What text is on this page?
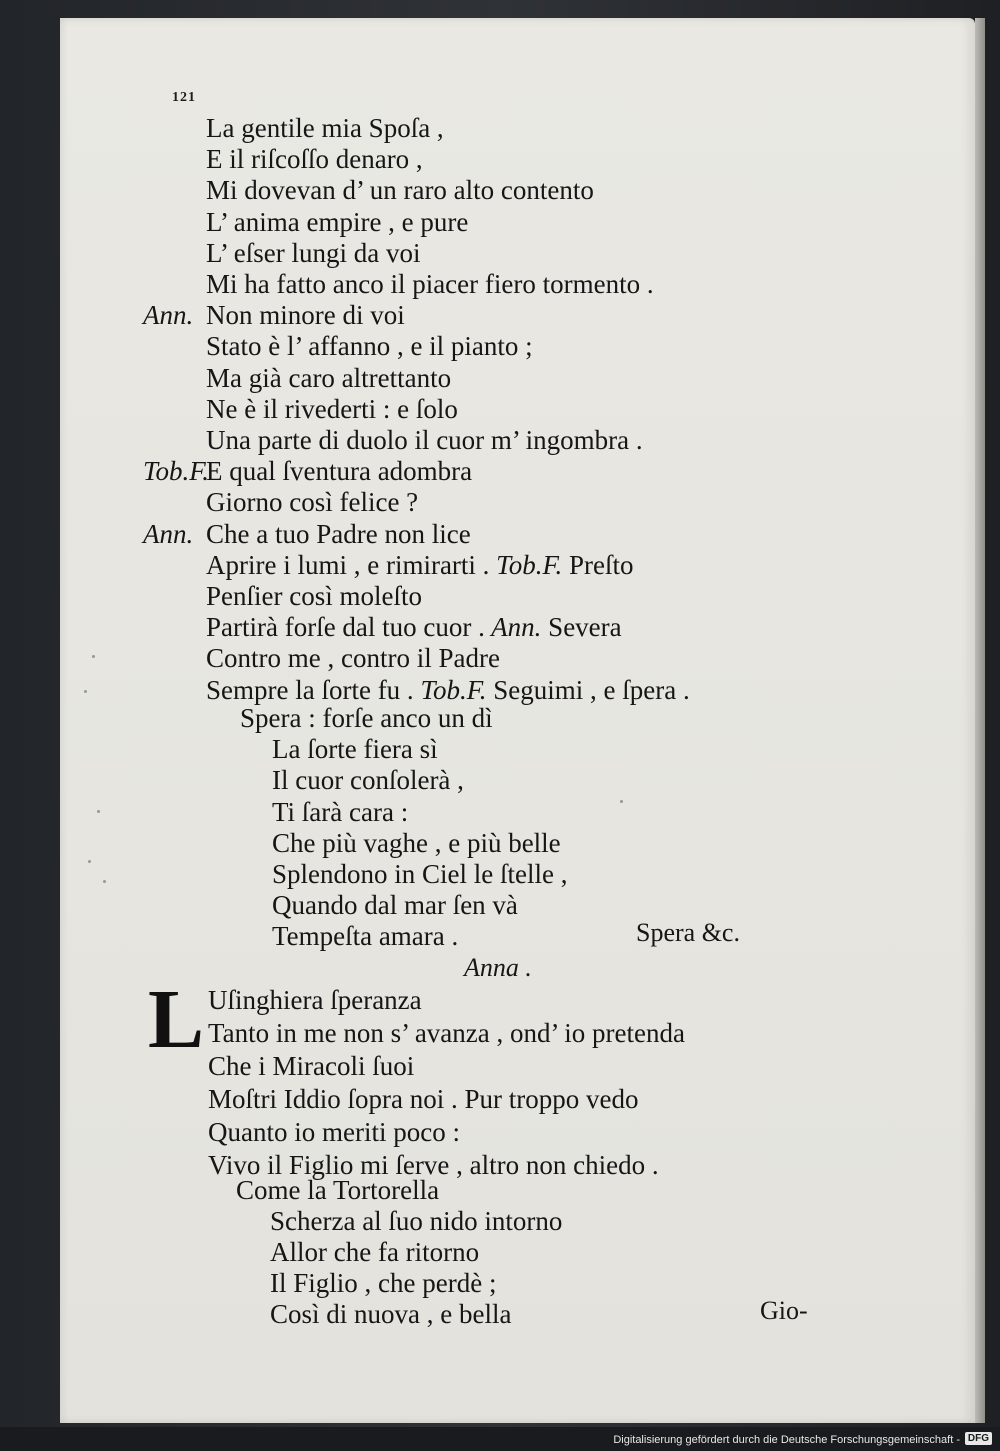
121
La gentile mia Spoſa ,
E il riſcoſſo denaro ,
Mi dovevan d’ un raro alto contento
L’ anima empire , e pure
L’ eſser lungi da voi
Mi ha fatto anco il piacer fiero tormento .
Ann. Non minore di voi
Stato è l’ affanno , e il pianto ;
Ma già caro altrettanto
Ne è il rivederti : e ſolo
Una parte di duolo il cuor m’ ingombra .
Tob.F.
E qual ſventura adombra
Giorno così felice ?
Ann. Che a tuo Padre non lice
Aprire i lumi , e rimirarti . Tob.F. Preſto
Penſier così moleſto
Partirà forſe dal tuo cuor . Ann. Severa
Contro me , contro il Padre
Sempre la ſorte fu . Tob.F. Seguimi , e ſpera .
Spera : forſe anco un dì
La ſorte fiera sì
Il cuor conſolerà ,
Ti ſarà cara :
Che più vaghe , e più belle
Splendono in Ciel le ſtelle ,
Quando dal mar ſen và
Tempeſta amara .
Anna .
Uſinghiera ſperanza
Tanto in me non s’ avanza , ond’ io pretenda
Che i Miracoli ſuoi
Moſtri Iddio ſopra noi . Pur troppo vedo
Quanto io meriti poco :
Vivo il Figlio mi ſerve , altro non chiedo .
Come la Tortorella
Scherza al ſuo nido intorno
Allor che fa ritorno
Il Figlio , che perdè ;
Così di nuova , e bella
Spera &c.
Gio-
Digitalisierung gefördert durch die Deutsche Forschungsgemeinschaft - DFG
L
